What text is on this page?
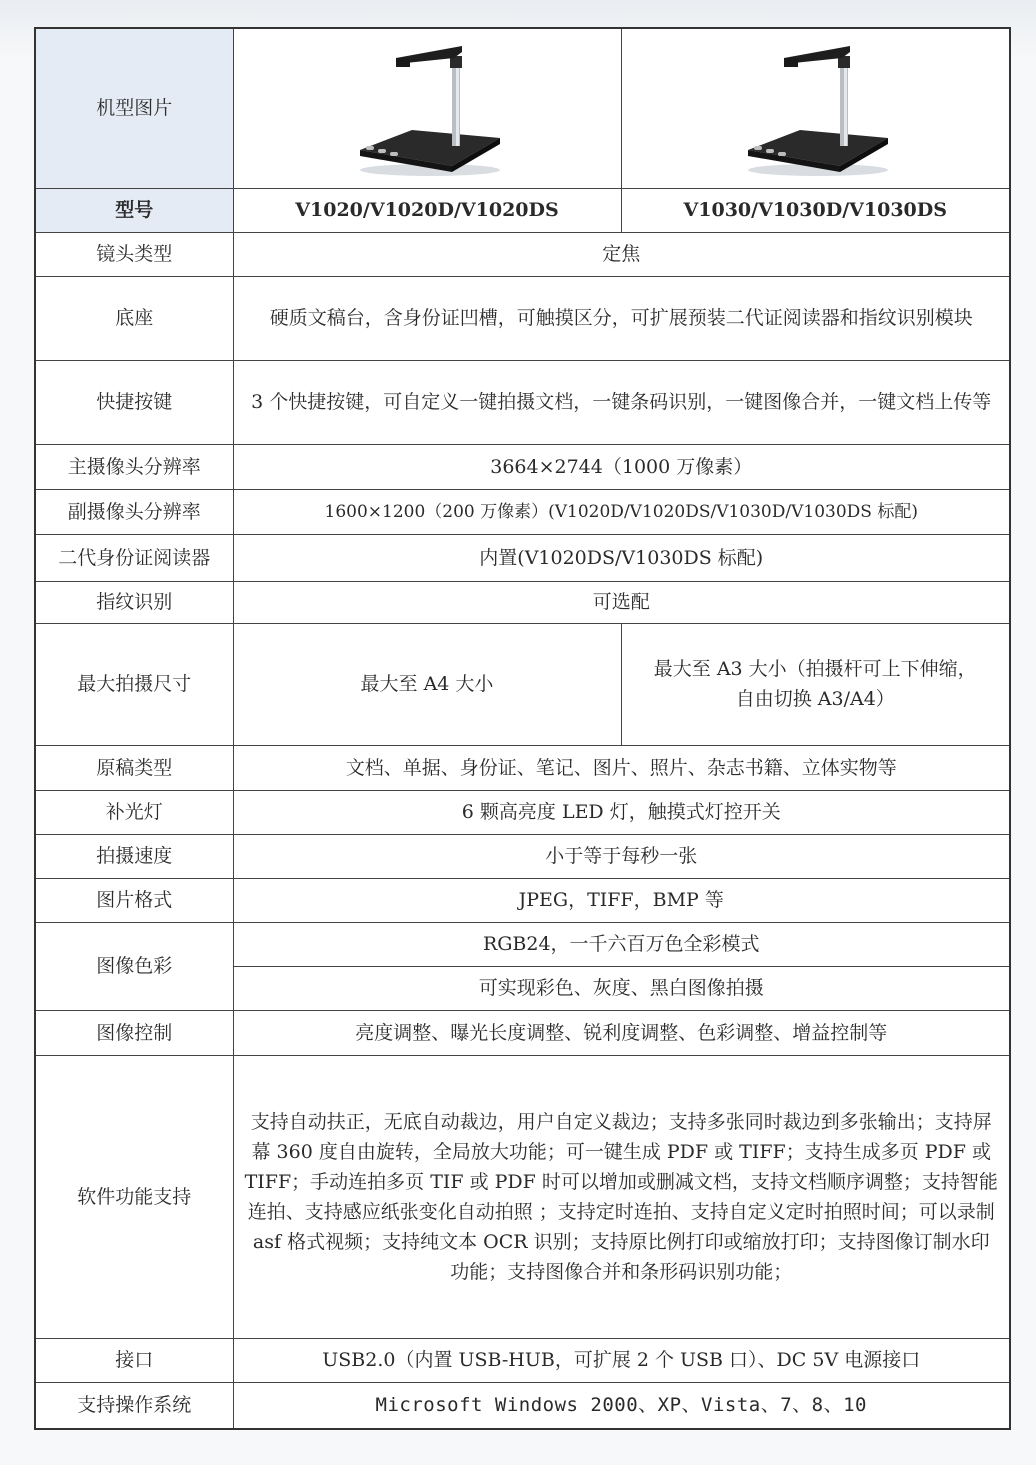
机型图片	

型号	V1020/V1020D/V1020DS	V1030/V1030D/V1030DS
镜头类型	定焦	
底座	硬质文稿台，含身份证凹槽，可触摸区分，可扩展预装二代证阅读器和指纹识别模块	
快捷按键	3 个快捷按键，可自定义一键拍摄文档，一键条码识别，一键图像合并，一键文档上传等	
主摄像头分辨率	3664×2744（1000 万像素）	
副摄像头分辨率	1600×1200（200 万像素）(V1020D/V1020DS/V1030D/V1030DS 标配)	
二代身份证阅读器	内置(V1020DS/V1030DS 标配)	
指纹识别	可选配	
最大拍摄尺寸	最大至 A4 大小	最大至 A3 大小（拍摄杆可上下伸缩，自由切换 A3/A4）
原稿类型	文档、单据、身份证、笔记、图片、照片、杂志书籍、立体实物等	
补光灯	6 颗高亮度 LED 灯，触摸式灯控开关	
拍摄速度	小于等于每秒一张	
图片格式	JPEG，TIFF，BMP 等	
图像色彩	RGB24，一千六百万色全彩模式	
	可实现彩色、灰度、黑白图像拍摄	
图像控制	亮度调整、曝光长度调整、锐利度调整、色彩调整、增益控制等	
软件功能支持	支持自动扶正，无底自动裁边，用户自定义裁边；支持多张同时裁边到多张输出；支持屏幕 360 度自由旋转，全局放大功能；可一键生成 PDF 或 TIFF；支持生成多页 PDF 或 TIFF；手动连拍多页 TIF 或 PDF 时可以增加或删减文档，支持文档顺序调整；支持智能连拍、支持感应纸张变化自动拍照 ；支持定时连拍、支持自定义定时拍照时间；可以录制 asf 格式视频；支持纯文本 OCR 识别；支持原比例打印或缩放打印；支持图像订制水印功能；支持图像合并和条形码识别功能；	
接口	USB2.0（内置 USB-HUB，可扩展 2 个 USB 口）、DC 5V 电源接口	
支持操作系统	Microsoft Windows 2000、XP、Vista、7、8、10	
